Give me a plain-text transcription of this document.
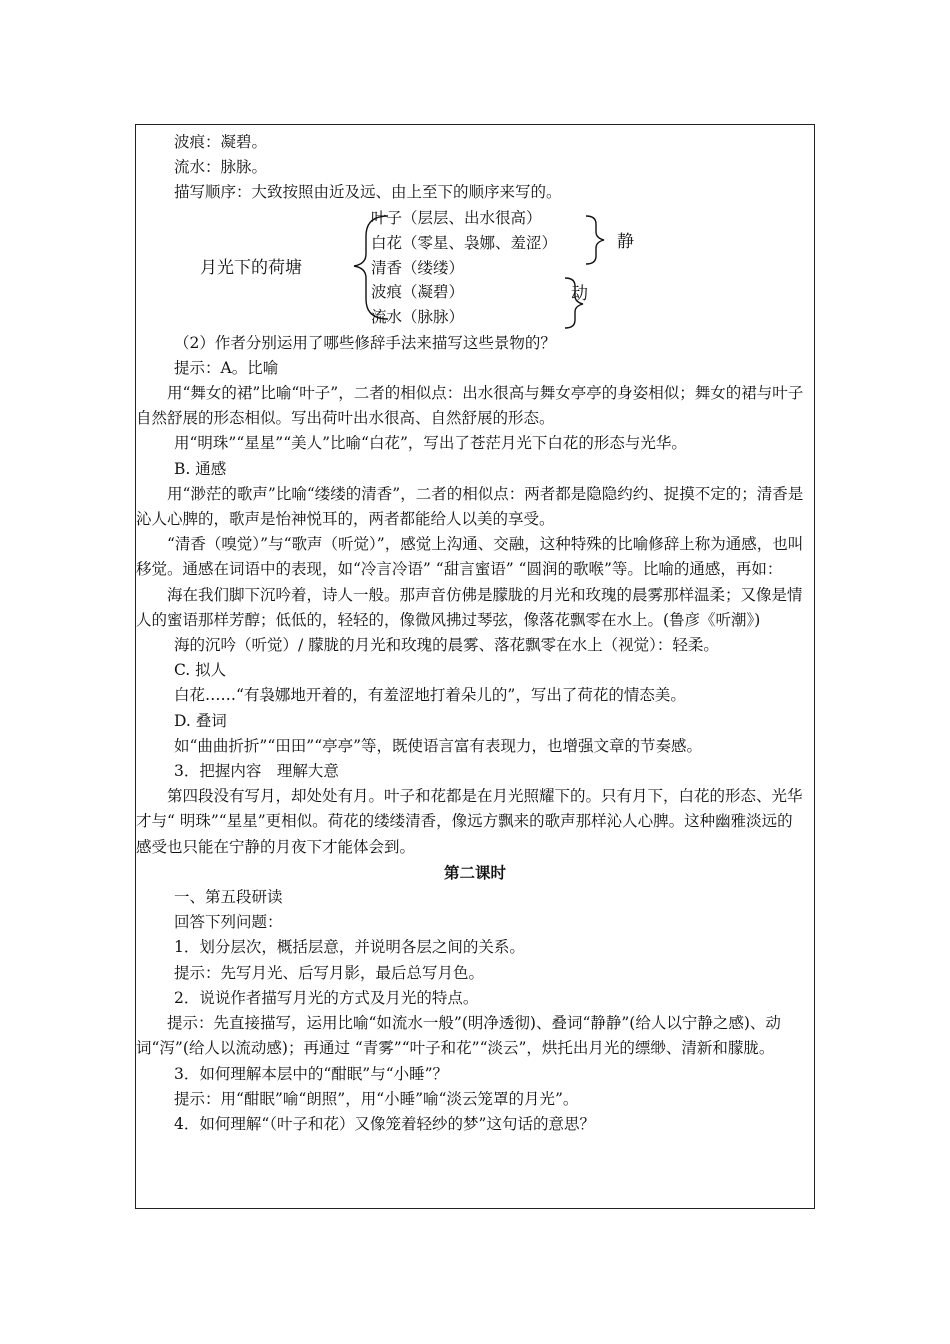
波痕：凝碧。

流水：脉脉。

描写顺序：大致按照由近及远、由上至下的顺序来写的。

月光下的荷塘
叶子（层层、出水很高）
白花（零星、袅娜、羞涩）
清香（缕缕）
波痕（凝碧）
流水（脉脉）
静
动

（2）作者分别运用了哪些修辞手法来描写这些景物的？

提示：A。比喻

用“舞女的裙”比喻“叶子”，二者的相似点：出水很高与舞女亭亭的身姿相似；舞女的裙与叶子自然舒展的形态相似。写出荷叶出水很高、自然舒展的形态。

用“明珠”“星星”“美人”比喻“白花”，写出了苍茫月光下白花的形态与光华。

B. 通感

用“渺茫的歌声”比喻“缕缕的清香”，二者的相似点：两者都是隐隐约约、捉摸不定的；清香是沁人心脾的，歌声是怡神悦耳的，两者都能给人以美的享受。

“清香（嗅觉）”与“歌声（听觉）”，感觉上沟通、交融，这种特殊的比喻修辞上称为通感，也叫移觉。通感在词语中的表现，如“冷言冷语” “甜言蜜语” “圆润的歌喉”等。比喻的通感，再如：

海在我们脚下沉吟着，诗人一般。那声音仿佛是朦胧的月光和玫瑰的晨雾那样温柔；又像是情人的蜜语那样芳醇；低低的，轻轻的，像微风拂过琴弦，像落花飘零在水上。(鲁彦《听潮》)

海的沉吟（听觉）/ 朦胧的月光和玫瑰的晨雾、落花飘零在水上（视觉）：轻柔。

C. 拟人

白花……“有袅娜地开着的，有羞涩地打着朵儿的”，写出了荷花的情态美。

D. 叠词

如“曲曲折折”“田田”“亭亭”等，既使语言富有表现力，也增强文章的节奏感。

3．把握内容　理解大意

第四段没有写月，却处处有月。叶子和花都是在月光照耀下的。只有月下，白花的形态、光华才与“ 明珠”“星星”更相似。荷花的缕缕清香，像远方飘来的歌声那样沁人心脾。这种幽雅淡远的感受也只能在宁静的月夜下才能体会到。

第二课时

一、第五段研读

回答下列问题：

1．划分层次，概括层意，并说明各层之间的关系。

提示：先写月光、后写月影，最后总写月色。

2．说说作者描写月光的方式及月光的特点。

提示：先直接描写，运用比喻“如流水一般”(明净透彻)、叠词“静静”(给人以宁静之感)、动词“泻”(给人以流动感)；再通过 “青雾”“叶子和花”“淡云”，烘托出月光的缥缈、清新和朦胧。

3．如何理解本层中的“酣眠”与“小睡”？

提示：用“酣眠”喻“朗照”，用“小睡”喻“淡云笼罩的月光”。

4．如何理解“（叶子和花）又像笼着轻纱的梦”这句话的意思？
